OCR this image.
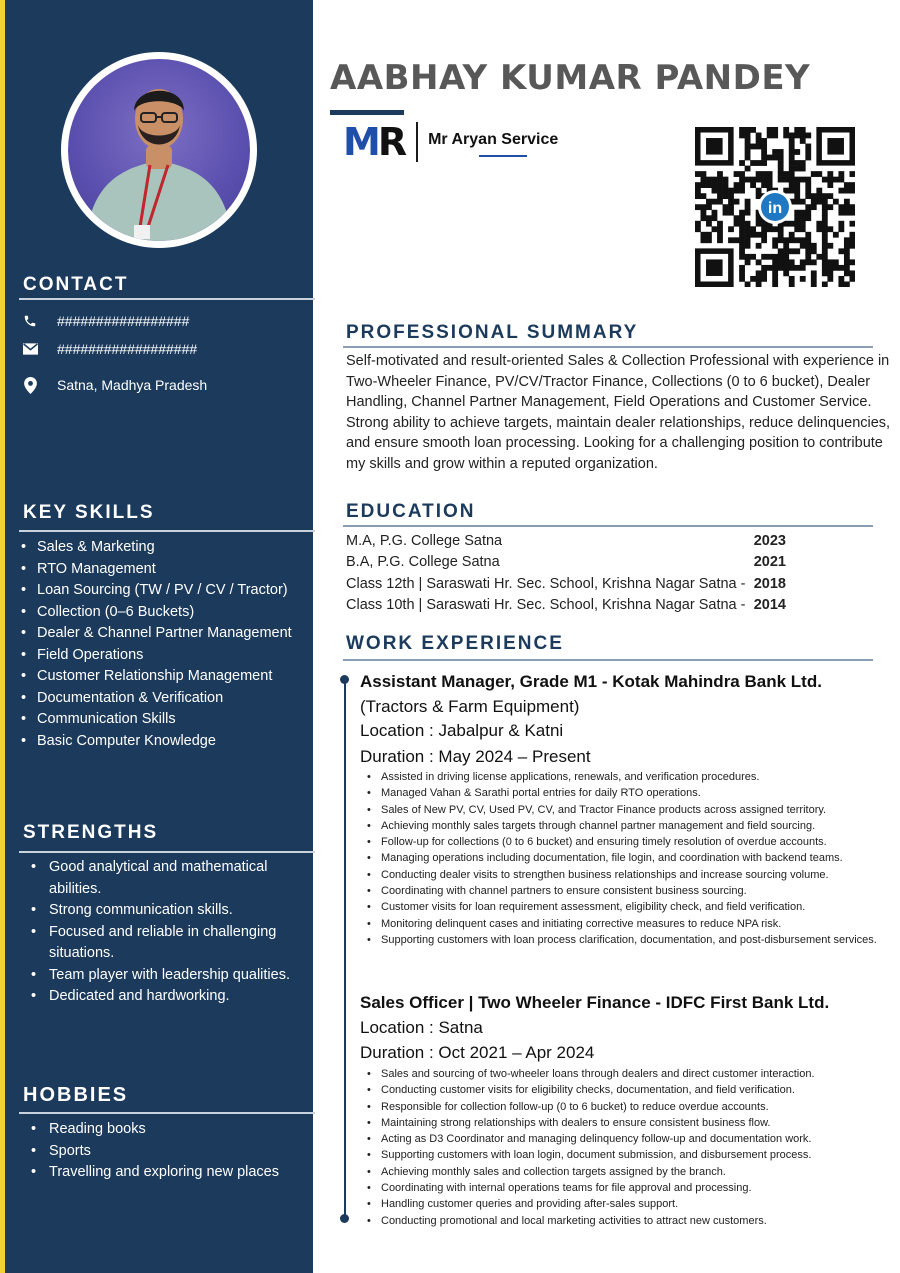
CONTACT
#################
##################
Satna, Madhya Pradesh
KEY SKILLS
• Sales & Marketing
• RTO Management
• Loan Sourcing (TW / PV / CV / Tractor)
• Collection (0–6 Buckets)
• Dealer & Channel Partner Management
• Field Operations
• Customer Relationship Management
• Documentation & Verification
• Communication Skills
• Basic Computer Knowledge
STRENGTHS
• Good analytical and mathematical abilities.
• Strong communication skills.
• Focused and reliable in challenging situations.
• Team player with leadership qualities.
• Dedicated and hardworking.
HOBBIES
• Reading books
• Sports
• Travelling and exploring new places
AABHAY KUMAR PANDEY
MR Mr Aryan Service
in
PROFESSIONAL SUMMARY

Self-motivated and result-oriented Sales & Collection Professional with experience in Two-Wheeler Finance, PV/CV/Tractor Finance, Collections (0 to 6 bucket), Dealer Handling, Channel Partner Management, Field Operations and Customer Service. Strong ability to achieve targets, maintain dealer relationships, reduce delinquencies, and ensure smooth loan processing. Looking for a challenging position to contribute my skills and grow within a reputed organization.

EDUCATION
M.A, P.G. College Satna	2023
B.A, P.G. College Satna	2021
Class 12th | Saraswati Hr. Sec. School, Krishna Nagar Satna - 2018
Class 10th | Saraswati Hr. Sec. School, Krishna Nagar Satna - 2014
WORK EXPERIENCE
Assistant Manager, Grade M1 - Kotak Mahindra Bank Ltd.
(Tractors & Farm Equipment)
Location : Jabalpur & Katni
Duration : May 2024 – Present
• Assisted in driving license applications, renewals, and verification procedures.
• Managed Vahan & Sarathi portal entries for daily RTO operations.
• Sales of New PV, CV, Used PV, CV, and Tractor Finance products across assigned territory.
• Achieving monthly sales targets through channel partner management and field sourcing.
• Follow-up for collections (0 to 6 bucket) and ensuring timely resolution of overdue accounts.
• Managing operations including documentation, file login, and coordination with backend teams.
• Conducting dealer visits to strengthen business relationships and increase sourcing volume.
• Coordinating with channel partners to ensure consistent business sourcing.
• Customer visits for loan requirement assessment, eligibility check, and field verification.
• Monitoring delinquent cases and initiating corrective measures to reduce NPA risk.
• Supporting customers with loan process clarification, documentation, and post-disbursement services.
Sales Officer | Two Wheeler Finance - IDFC First Bank Ltd.
Location : Satna
Duration : Oct 2021 – Apr 2024
• Sales and sourcing of two-wheeler loans through dealers and direct customer interaction.
• Conducting customer visits for eligibility checks, documentation, and field verification.
• Responsible for collection follow-up (0 to 6 bucket) to reduce overdue accounts.
• Maintaining strong relationships with dealers to ensure consistent business flow.
• Acting as D3 Coordinator and managing delinquency follow-up and documentation work.
• Supporting customers with loan login, document submission, and disbursement process.
• Achieving monthly sales and collection targets assigned by the branch.
• Coordinating with internal operations teams for file approval and processing.
• Handling customer queries and providing after-sales support.
• Conducting promotional and local marketing activities to attract new customers.
